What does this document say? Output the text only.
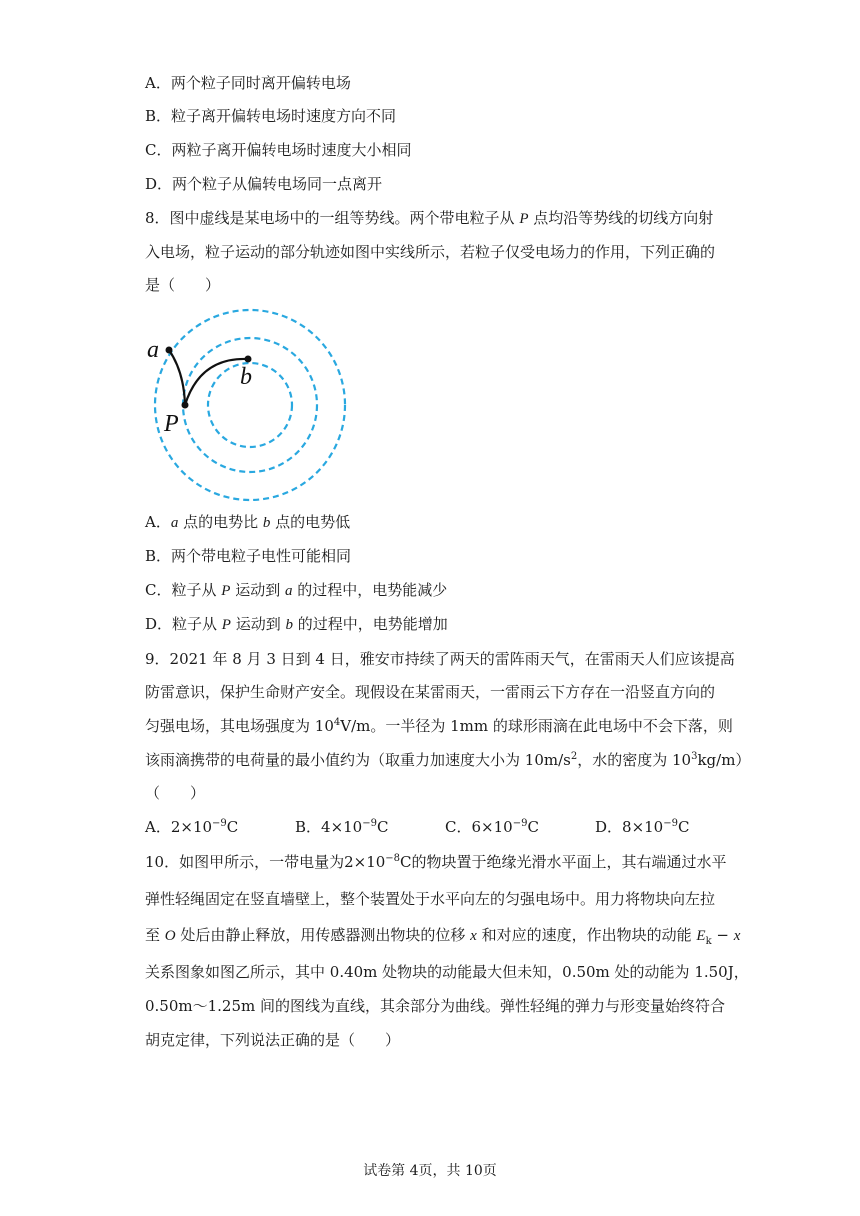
A．两个粒子同时离开偏转电场
B．粒子离开偏转电场时速度方向不同
C．两粒子离开偏转电场时速度大小相同
D．两个粒子从偏转电场同一点离开
8．图中虚线是某电场中的一组等势线。两个带电粒子从 P 点均沿等势线的切线方向射
入电场，粒子运动的部分轨迹如图中实线所示，若粒子仅受电场力的作用，下列正确的
是（　　）
a
b
P
A．a 点的电势比 b 点的电势低
B．两个带电粒子电性可能相同
C．粒子从 P 运动到 a 的过程中，电势能减少
D．粒子从 P 运动到 b 的过程中，电势能增加
9．2021 年 8 月 3 日到 4 日，雅安市持续了两天的雷阵雨天气，在雷雨天人们应该提高
防雷意识，保护生命财产安全。现假设在某雷雨天，一雷雨云下方存在一沿竖直方向的
匀强电场，其电场强度为 $10^4V/m$。一半径为 1mm 的球形雨滴在此电场中不会下落，则
该雨滴携带的电荷量的最小值约为（取重力加速度大小为 $10m/s^2$，水的密度为 $10^3kg/m$）
（　　）
A．$2\times 10^{-9}C$	B．$4\times 10^{-9}C$	C．$6\times 10^{-9}C$	D．$8\times 10^{-9}C$
10．如图甲所示，一带电量为$2\times 10^{-8}C$的物块置于绝缘光滑水平面上，其右端通过水平
弹性轻绳固定在竖直墙壁上，整个装置处于水平向左的匀强电场中。用力将物块向左拉
至 O 处后由静止释放，用传感器测出物块的位移 x 和对应的速度，作出物块的动能 $E_k - x$
关系图象如图乙所示，其中 0.40m 处物块的动能最大但未知，0.50m 处的动能为 1.50J，
0.50m～1.25m 间的图线为直线，其余部分为曲线。弹性轻绳的弹力与形变量始终符合
胡克定律，下列说法正确的是（　　）
试卷第 4页，共 10页
